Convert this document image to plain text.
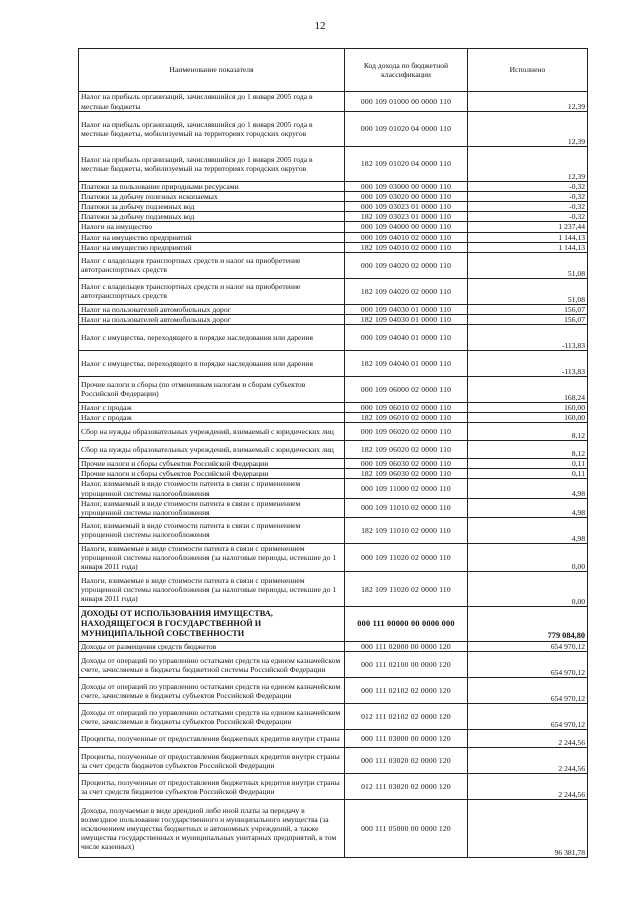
12
Наименование показателя	Код дохода по бюджетной классификации	Исполнено
Налог на прибыль организаций, зачислявшийся до 1 января 2005 года в местные бюджеты	000 109 01000 00 0000 110	12,39
Налог на прибыль организаций, зачислявшийся до 1 января 2005 года в местные бюджеты, мобилизуемый на территориях городских округов	000 109 01020 04 0000 110	12,39
Налог на прибыль организаций, зачислявшийся до 1 января 2005 года в местные бюджеты, мобилизуемый на территориях городских округов	182 109 01020 04 0000 110	12,39
Платежи за пользование природными ресурсами	000 109 03000 00 0000 110	-0,32
Платежи за добычу полезных ископаемых	000 109 03020 00 0000 110	-0,32
Платежи за добычу подземных вод	000 109 03023 01 0000 110	-0,32
Платежи за добычу подземных вод	182 109 03023 01 0000 110	-0,32
Налоги на имущество	000 109 04000 00 0000 110	1 237,44
Налог на имущество предприятий	000 109 04010 02 0000 110	1 144,13
Налог на имущество предприятий	182 109 04010 02 0000 110	1 144,13
Налог с владельцев транспортных средств и налог на приобретение автотранспортных средств	000 109 04020 02 0000 110	51,08
Налог с владельцев транспортных средств и налог на приобретение автотранспортных средств	182 109 04020 02 0000 110	51,08
Налог на пользователей автомобильных дорог	000 109 04030 01 0000 110	156,07
Налог на пользователей автомобильных дорог	182 109 04030 01 0000 110	156,07
Налог с имущества, переходящего в порядке наследования или дарения	000 109 04040 01 0000 110	-113,83
Налог с имущества, переходящего в порядке наследования или дарения	182 109 04040 01 0000 110	-113,83
Прочие налоги и сборы (по отмененным налогам и сборам субъектов Российской Федерации)	000 109 06000 02 0000 110	168,24
Налог с продаж	000 109 06010 02 0000 110	160,00
Налог с продаж	182 109 06010 02 0000 110	160,00
Сбор на нужды образовательных учреждений, взимаемый с юридических лиц	000 109 06020 02 0000 110	8,12
Сбор на нужды образовательных учреждений, взимаемый с юридических лиц	182 109 06020 02 0000 110	8,12
Прочие налоги и сборы субъектов Российской Федерации	000 109 06030 02 0000 110	0,11
Прочие налоги и сборы субъектов Российской Федерации	182 109 06030 02 0000 110	0,11
Налог, взимаемый в виде стоимости патента в связи с применением упрощенной системы налогообложения	000 109 11000 02 0000 110	4,98
Налог, взимаемый в виде стоимости патента в связи с применением упрощенной системы налогообложения	000 109 11010 02 0000 110	4,98
Налог, взимаемый в виде стоимости патента в связи с применением упрощенной системы налогообложения	182 109 11010 02 0000 110	4,98
Налоги, взимаемые в виде стоимости патента в связи с применением упрощенной системы налогообложения (за налоговые периоды, истекшие до 1 января 2011 года)	000 109 11020 02 0000 110	0,00
Налоги, взимаемые в виде стоимости патента в связи с применением упрощенной системы налогообложения (за налоговые периоды, истекшие до 1 января 2011 года)	182 109 11020 02 0000 110	0,00
ДОХОДЫ ОТ ИСПОЛЬЗОВАНИЯ ИМУЩЕСТВА, НАХОДЯЩЕГОСЯ В ГОСУДАРСТВЕННОЙ И МУНИЦИПАЛЬНОЙ СОБСТВЕННОСТИ	000 111 00000 00 0000 000	779 084,80
Доходы от размещения средств бюджетов	000 111 02000 00 0000 120	654 970,12
Доходы от операций по управлению остатками средств на едином казначейском счете, зачисляемые в бюджеты бюджетной системы Российской Федерации	000 111 02100 00 0000 120	654 970,12
Доходы от операций по управлению остатками средств на едином казначейском счете, зачисляемые в бюджеты субъектов Российской Федерации	000 111 02102 02 0000 120	654 970,12
Доходы от операций по управлению остатками средств на едином казначейском счете, зачисляемые в бюджеты субъектов Российской Федерации	012 111 02102 02 0000 120	654 970,12
Проценты, полученные от предоставления бюджетных кредитов внутри страны	000 111 03000 00 0000 120	2 244,56
Проценты, полученные от предоставления бюджетных кредитов внутри страны за счет средств бюджетов субъектов Российской Федерации	000 111 03020 02 0000 120	2 244,56
Проценты, полученные от предоставления бюджетных кредитов внутри страны за счет средств бюджетов субъектов Российской Федерации	012 111 03020 02 0000 120	2 244,56
Доходы, получаемые в виде арендной либо иной платы за передачу в возмездное пользование государственного и муниципального имущества (за исключением имущества бюджетных и автономных учреждений, а также имущества государственных и муниципальных унитарных предприятий, в том числе казенных)	000 111 05000 00 0000 120	96 381,78
